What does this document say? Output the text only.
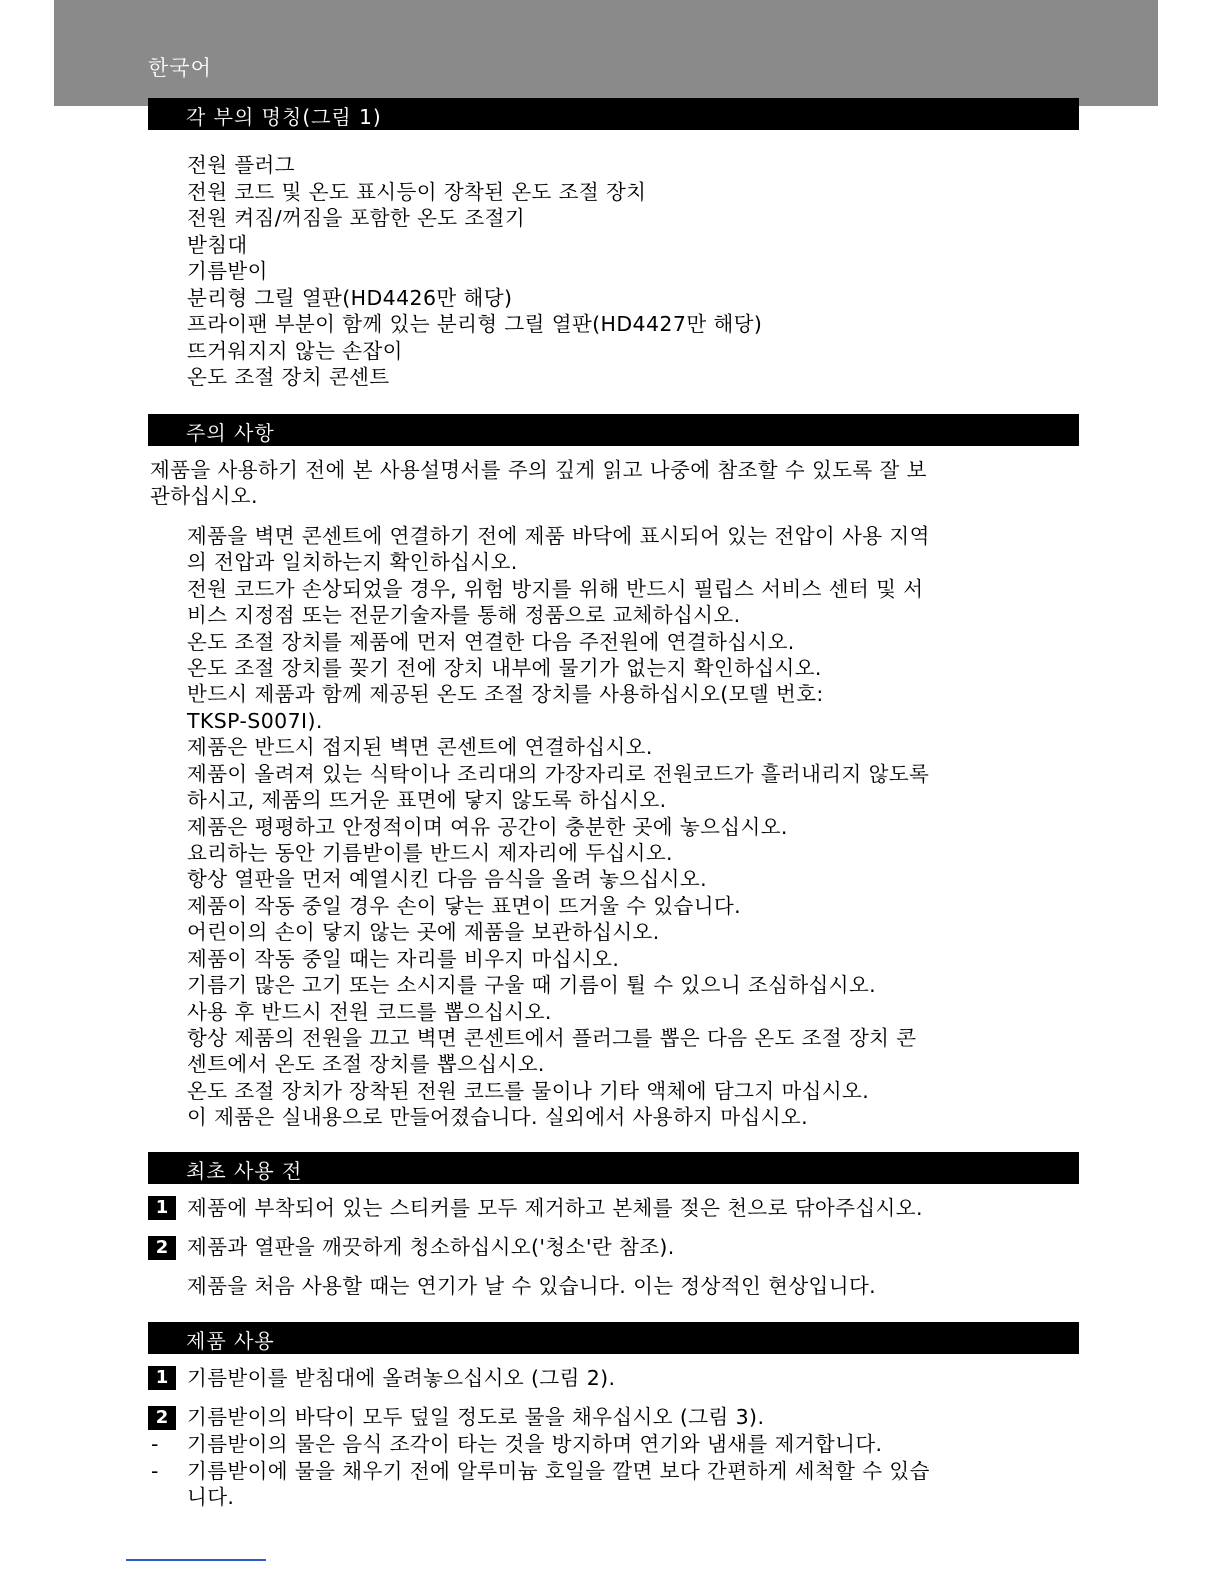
한국어
각 부의 명칭(그림 1)
전원 플러그
전원 코드 및 온도 표시등이 장착된 온도 조절 장치
전원 켜짐/꺼짐을 포함한 온도 조절기
받침대
기름받이
분리형 그릴 열판(HD4426만 해당)
프라이팬 부분이 함께 있는 분리형 그릴 열판(HD4427만 해당)
뜨거워지지 않는 손잡이
온도 조절 장치 콘센트
주의 사항
제품을 사용하기 전에 본 사용설명서를 주의 깊게 읽고 나중에 참조할 수 있도록 잘 보
관하십시오.
제품을 벽면 콘센트에 연결하기 전에 제품 바닥에 표시되어 있는 전압이 사용 지역
의 전압과 일치하는지 확인하십시오.
전원 코드가 손상되었을 경우, 위험 방지를 위해 반드시 필립스 서비스 센터 및 서
비스 지정점 또는 전문기술자를 통해 정품으로 교체하십시오.
온도 조절 장치를 제품에 먼저 연결한 다음 주전원에 연결하십시오.
온도 조절 장치를 꽂기 전에 장치 내부에 물기가 없는지 확인하십시오.
반드시 제품과 함께 제공된 온도 조절 장치를 사용하십시오(모델 번호:
TKSP-S007I).
제품은 반드시 접지된 벽면 콘센트에 연결하십시오.
제품이 올려져 있는 식탁이나 조리대의 가장자리로 전원코드가 흘러내리지 않도록
하시고, 제품의 뜨거운 표면에 닿지 않도록 하십시오.
제품은 평평하고 안정적이며 여유 공간이 충분한 곳에 놓으십시오.
요리하는 동안 기름받이를 반드시 제자리에 두십시오.
항상 열판을 먼저 예열시킨 다음 음식을 올려 놓으십시오.
제품이 작동 중일 경우 손이 닿는 표면이 뜨거울 수 있습니다.
어린이의 손이 닿지 않는 곳에 제품을 보관하십시오.
제품이 작동 중일 때는 자리를 비우지 마십시오.
기름기 많은 고기 또는 소시지를 구울 때 기름이 튈 수 있으니 조심하십시오.
사용 후 반드시 전원 코드를 뽑으십시오.
항상 제품의 전원을 끄고 벽면 콘센트에서 플러그를 뽑은 다음 온도 조절 장치 콘
센트에서 온도 조절 장치를 뽑으십시오.
온도 조절 장치가 장착된 전원 코드를 물이나 기타 액체에 담그지 마십시오.
이 제품은 실내용으로 만들어졌습니다. 실외에서 사용하지 마십시오.
최초 사용 전
1 제품에 부착되어 있는 스티커를 모두 제거하고 본체를 젖은 천으로 닦아주십시오.
2 제품과 열판을 깨끗하게 청소하십시오('청소'란 참조).
제품을 처음 사용할 때는 연기가 날 수 있습니다. 이는 정상적인 현상입니다.
제품 사용
1 기름받이를 받침대에 올려놓으십시오 (그림 2).
2 기름받이의 바닥이 모두 덮일 정도로 물을 채우십시오 (그림 3).
- 기름받이의 물은 음식 조각이 타는 것을 방지하며 연기와 냄새를 제거합니다.
- 기름받이에 물을 채우기 전에 알루미늄 호일을 깔면 보다 간편하게 세척할 수 있습
니다.
